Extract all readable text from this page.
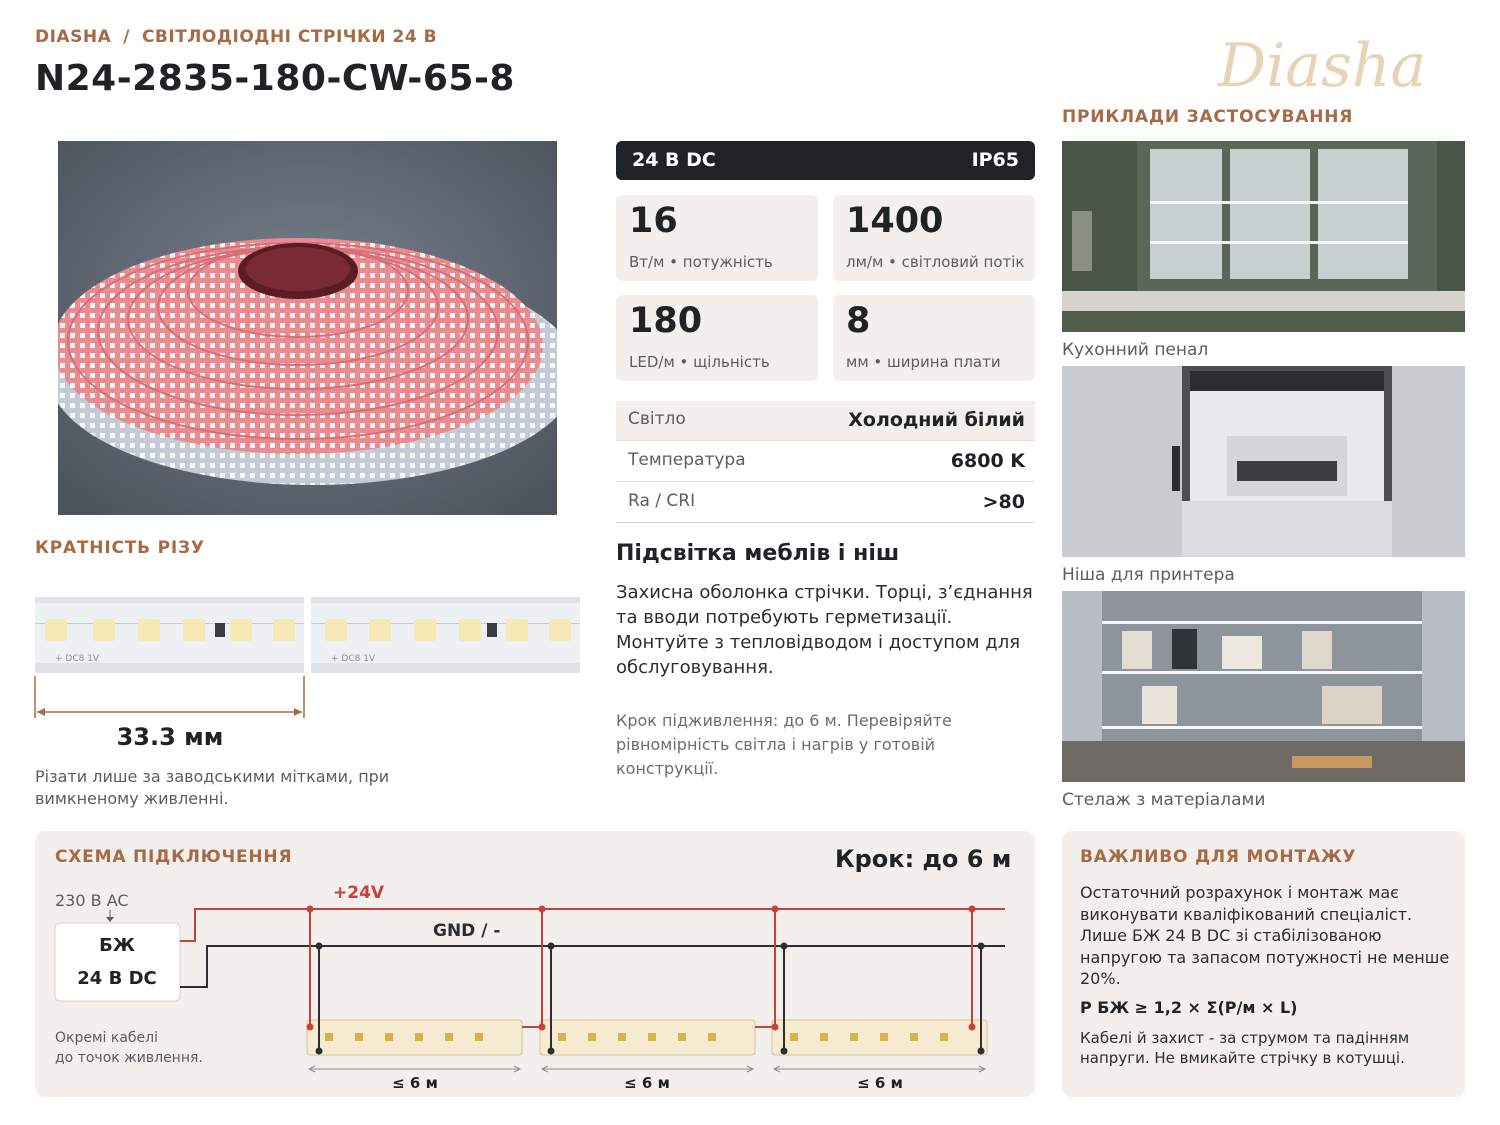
DIASHA / СВІТЛОДІОДНІ СТРІЧКИ 24 В
N24-2835-180-CW-65-8	Diasha
24 В DC	IP65
16
Вт/м • потужність
1400
лм/м • світловий потік
180
LED/м • щільність
8
мм • ширина плати
Світло	Холодний білий
Температура	6800 K
Ra / CRI	>80
Підсвітка меблів і ніш
Захисна оболонка стрічки. Торці, з’єднання та вводи потребують герметизації. Монтуйте з тепловідводом і доступом для обслуговування.
Крок підживлення: до 6 м. Перевіряйте рівномірність світла і нагрів у готовій конструкції.
КРАТНІСТЬ РІЗУ
+ DC8 1V	+ DC8 1V
33.3 мм
Різати лише за заводськими мітками, при вимкненому живленні.
ПРИКЛАДИ ЗАСТОСУВАННЯ
Кухонний пенал
Ніша для принтера
Стелаж з матеріалами
СХЕМА ПІДКЛЮЧЕННЯ	Крок: до 6 м
230 В AC
БЖ
24 В DC
Окремі кабелі
до точок живлення.
+24V
GND / -
≤ 6 м	≤ 6 м	≤ 6 м
ВАЖЛИВО ДЛЯ МОНТАЖУ
Остаточний розрахунок і монтаж має виконувати кваліфікований спеціаліст. Лише БЖ 24 В DC зі стабілізованою напругою та запасом потужності не менше 20%.
P БЖ ≥ 1,2 × Σ(P/м × L)
Кабелі й захист - за струмом та падінням напруги. Не вмикайте стрічку в котушці.
